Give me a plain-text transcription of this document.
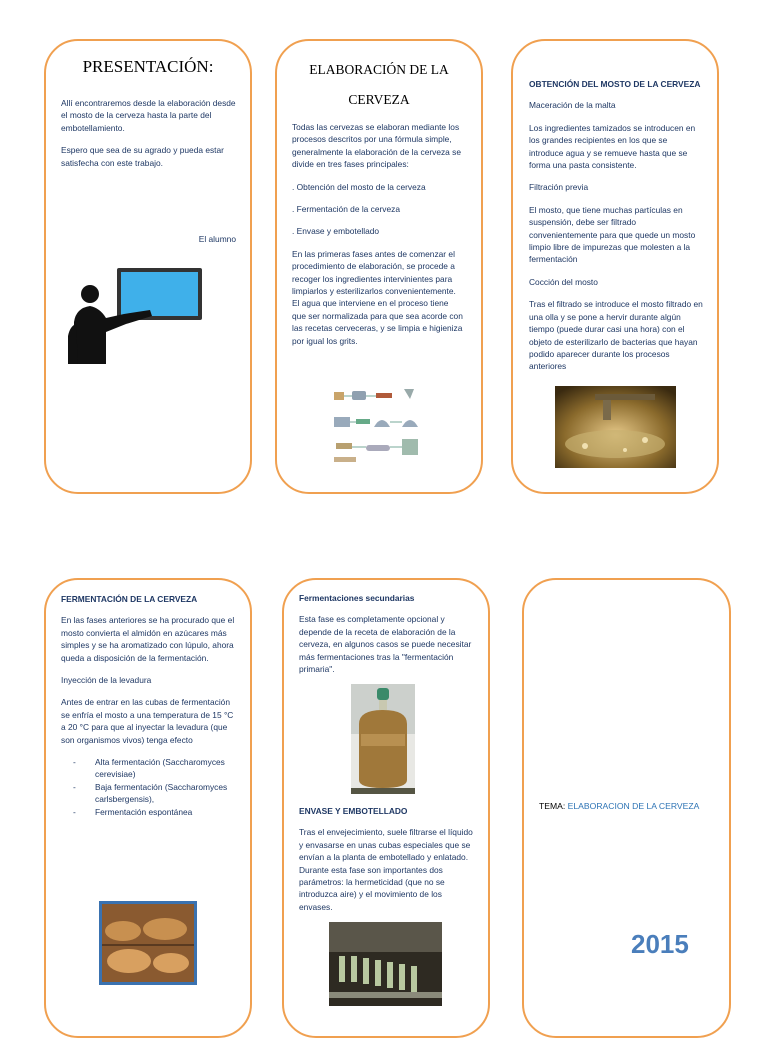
PRESENTACIÓN:

Allí encontraremos desde la elaboración desde el mosto de la cerveza hasta la parte del embotellamiento.

Espero que sea de su agrado y pueda estar satisfecha con este trabajo.

El alumno
ELABORACIÓN DE LA
CERVEZA

Todas las cervezas se elaboran mediante los procesos descritos por una fórmula simple, generalmente la elaboración de la cerveza se divide en tres fases principales:

. Obtención del mosto de la cerveza

. Fermentación de la cerveza

. Envase y embotellado

En las primeras fases antes de comenzar el procedimiento de elaboración, se procede a recoger los ingredientes intervinientes para limpiarlos y esterilizarlos convenientemente. El agua que interviene en el proceso tiene que ser normalizada para que sea acorde con las recetas cerveceras, y se limpia e higieniza por igual los grits.

OBTENCIÓN DEL MOSTO DE LA CERVEZA

Maceración de la malta

Los ingredientes tamizados se introducen en los grandes recipientes en los que se introduce agua y se remueve hasta que se forma una pasta consistente.

Filtración previa

El mosto, que tiene muchas partículas en suspensión, debe ser filtrado convenientemente para que quede un mosto limpio libre de impurezas que molesten a la fermentación

Cocción del mosto

Tras el filtrado se introduce el mosto filtrado en una olla y se pone a hervir durante algún tiempo (puede durar casi una hora) con el objeto de esterilizarlo de bacterias que hayan podido aparecer durante los procesos anteriores

FERMENTACIÓN DE LA CERVEZA

En las fases anteriores se ha procurado que el mosto convierta el almidón en azúcares más simples y se ha aromatizado con lúpulo, ahora queda a disposición de la fermentación.

Inyección de la levadura

Antes de entrar en las cubas de fermentación se enfría el mosto a una temperatura de 15 °C a 20 °C para que al inyectar la levadura (que son organismos vivos) tenga efecto

- Alta fermentación (Saccharomyces cerevisiae)
- Baja fermentación (Saccharomyces carlsbergensis),
- Fermentación espontánea

Fermentaciones secundarias

Esta fase es completamente opcional y depende de la receta de elaboración de la cerveza, en algunos casos se puede necesitar más fermentaciones tras la "fermentación primaria".

ENVASE Y EMBOTELLADO

Tras el envejecimiento, suele filtrarse el líquido y envasarse en unas cubas especiales que se envían a la planta de embotellado y enlatado. Durante esta fase son importantes dos parámetros: la hermeticidad (que no se introduzca aire) y el movimiento de los envases.

TEMA: ELABORACION DE LA CERVEZA
2015
